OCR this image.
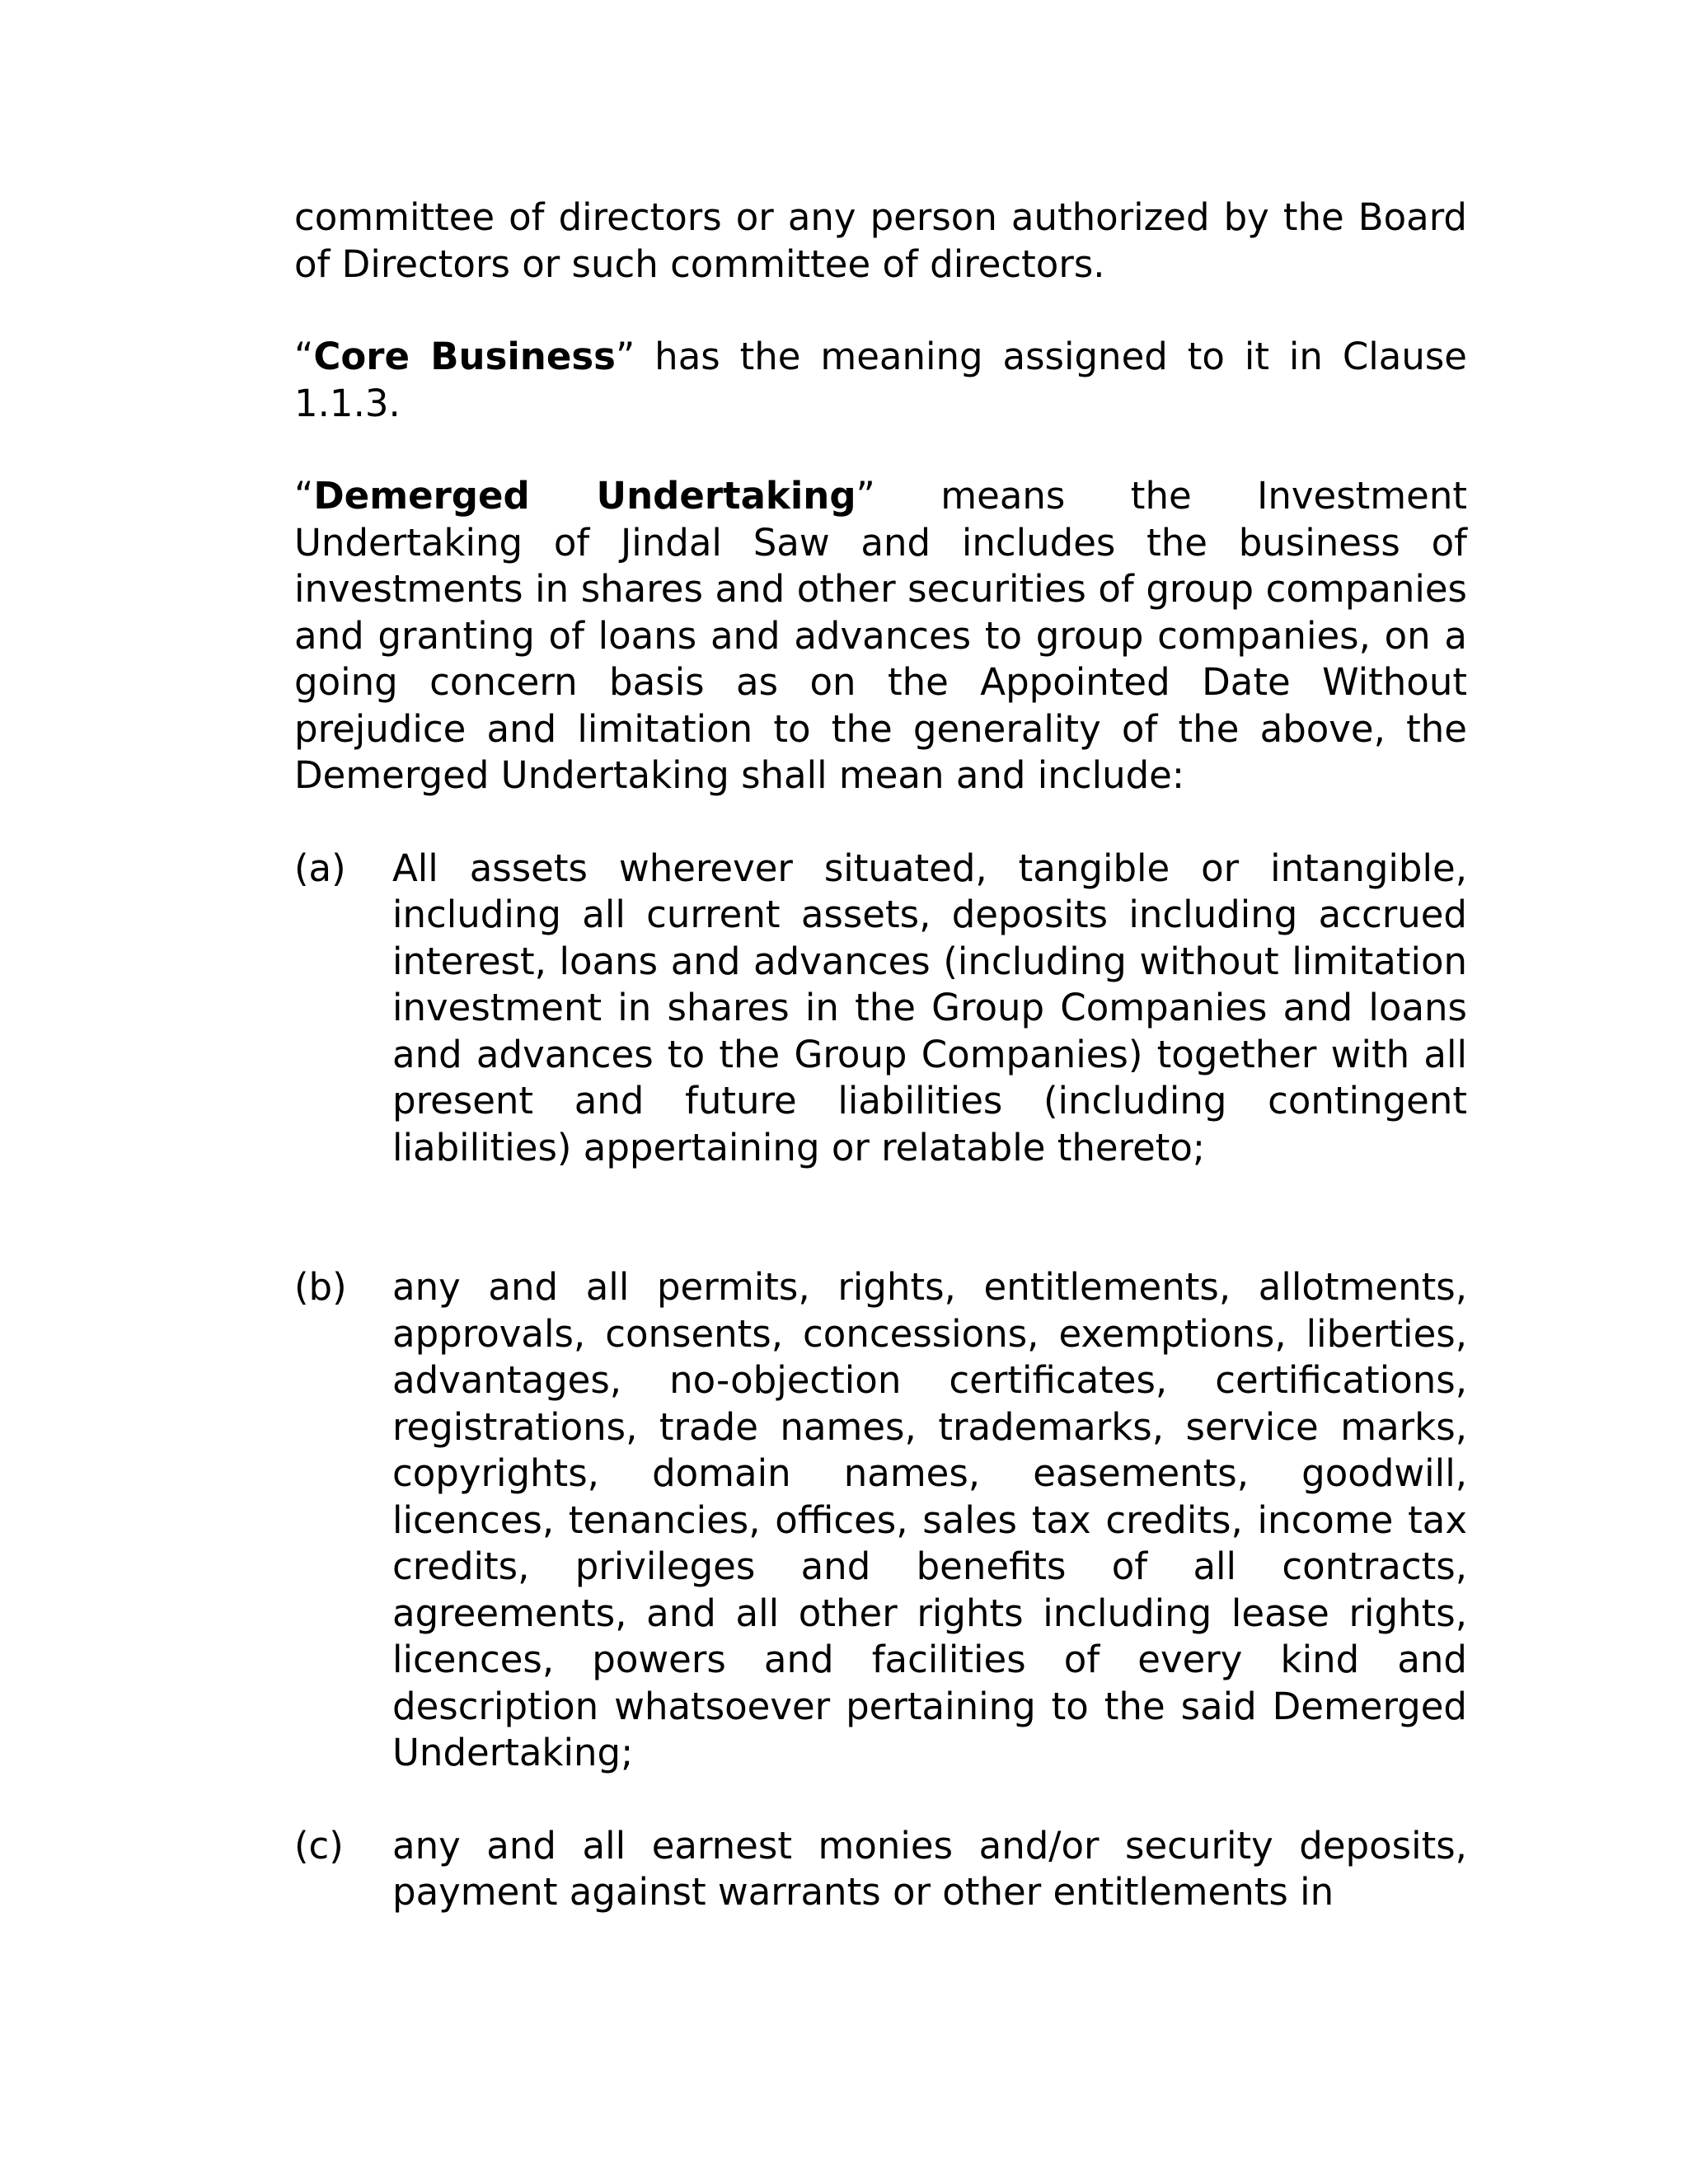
committee of directors or any person authorized by the Board of Directors or such committee of directors.

“Core Business” has the meaning assigned to it in Clause 1.1.3.

“Demerged Undertaking” means the Investment Undertaking of Jindal Saw and includes the business of investments in shares and other securities of group companies and granting of loans and advances to group companies, on a going concern basis as on the Appointed Date Without prejudice and limitation to the generality of the above, the Demerged Undertaking shall mean and include:

(a)	All assets wherever situated, tangible or intangible, including all current assets, deposits including accrued interest, loans and advances (including without limitation investment in shares in the Group Companies and loans and advances to the Group Companies) together with all present and future liabilities (including contingent liabilities) appertaining or relatable thereto;
(b)	any and all permits, rights, entitlements, allotments, approvals, consents, concessions, exemptions, liberties, advantages, no-objection certificates, certifications, registrations, trade names, trademarks, service marks, copyrights, domain names, easements, goodwill, licences, tenancies, offices, sales tax credits, income tax credits, privileges and benefits of all contracts, agreements, and all other rights including lease rights, licences, powers and facilities of every kind and description whatsoever pertaining to the said Demerged Undertaking;
(c)	any and all earnest monies and/or security deposits, payment against warrants or other entitlements in
